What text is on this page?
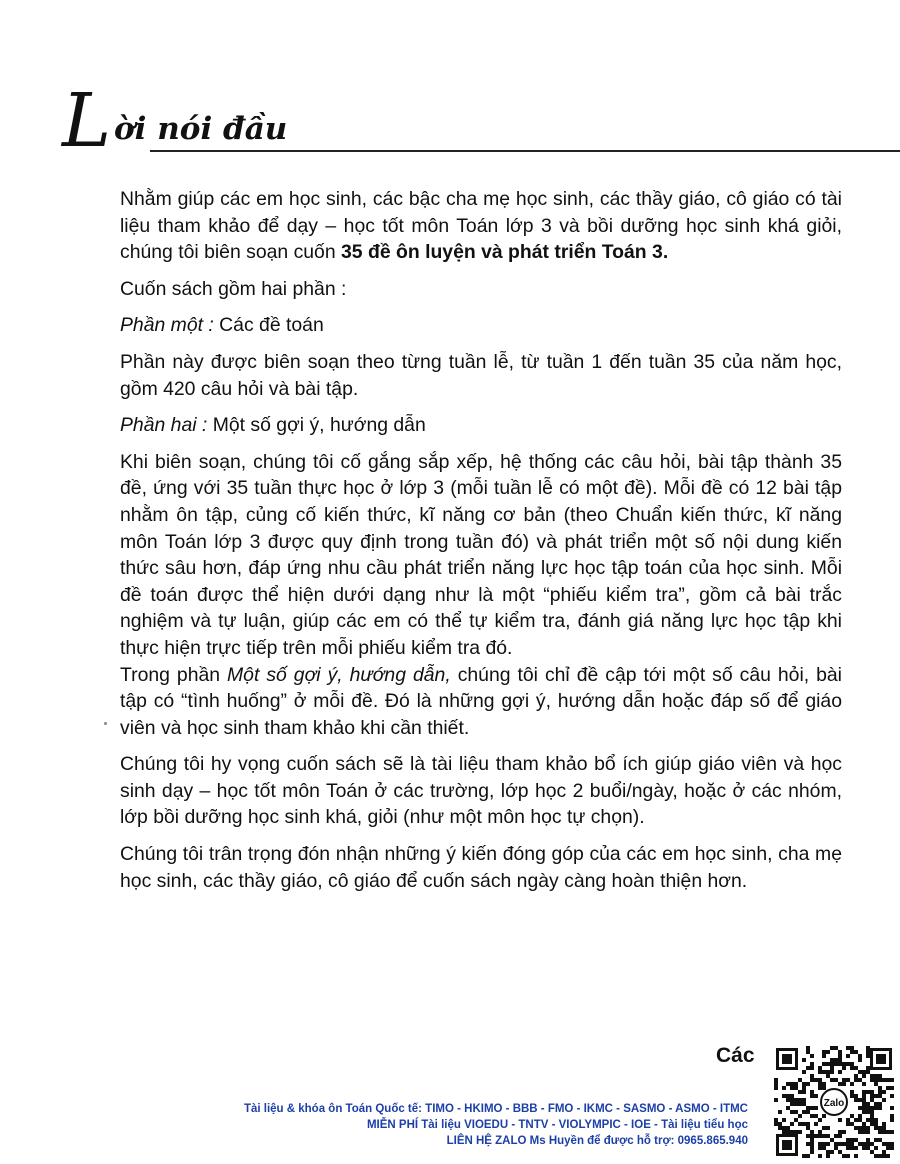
L ời nói đầu

Nhằm giúp các em học sinh, các bậc cha mẹ học sinh, các thầy giáo, cô giáo có tài liệu tham khảo để dạy – học tốt môn Toán lớp 3 và bồi dưỡng học sinh khá giỏi, chúng tôi biên soạn cuốn 35 đề ôn luyện và phát triển Toán 3.

Cuốn sách gồm hai phần :

Phần một : Các đề toán

Phần này được biên soạn theo từng tuần lễ, từ tuần 1 đến tuần 35 của năm học, gồm 420 câu hỏi và bài tập.

Phần hai : Một số gợi ý, hướng dẫn

Khi biên soạn, chúng tôi cố gắng sắp xếp, hệ thống các câu hỏi, bài tập thành 35 đề, ứng với 35 tuần thực học ở lớp 3 (mỗi tuần lễ có một đề). Mỗi đề có 12 bài tập nhằm ôn tập, củng cố kiến thức, kĩ năng cơ bản (theo Chuẩn kiến thức, kĩ năng môn Toán lớp 3 được quy định trong tuần đó) và phát triển một số nội dung kiến thức sâu hơn, đáp ứng nhu cầu phát triển năng lực học tập toán của học sinh. Mỗi đề toán được thể hiện dưới dạng như là một “phiếu kiểm tra”, gồm cả bài trắc nghiệm và tự luận, giúp các em có thể tự kiểm tra, đánh giá năng lực học tập khi thực hiện trực tiếp trên mỗi phiếu kiểm tra đó.

Trong phần Một số gợi ý, hướng dẫn, chúng tôi chỉ đề cập tới một số câu hỏi, bài tập có “tình huống” ở mỗi đề. Đó là những gợi ý, hướng dẫn hoặc đáp số để giáo viên và học sinh tham khảo khi cần thiết.

Chúng tôi hy vọng cuốn sách sẽ là tài liệu tham khảo bổ ích giúp giáo viên và học sinh dạy – học tốt môn Toán ở các trường, lớp học 2 buổi/ngày, hoặc ở các nhóm, lớp bồi dưỡng học sinh khá, giỏi (như một môn học tự chọn).

Chúng tôi trân trọng đón nhận những ý kiến đóng góp của các em học sinh, cha mẹ học sinh, các thầy giáo, cô giáo để cuốn sách ngày càng hoàn thiện hơn.

Các
Tài liệu & khóa ôn Toán Quốc tế: TIMO - HKIMO - BBB - FMO - IKMC - SASMO - ASMO - ITMC
MIỄN PHÍ Tài liệu VIOEDU - TNTV - VIOLYMPIC - IOE - Tài liệu tiểu học
LIÊN HỆ ZALO Ms Huyền để được hỗ trợ: 0965.865.940
Zalo
